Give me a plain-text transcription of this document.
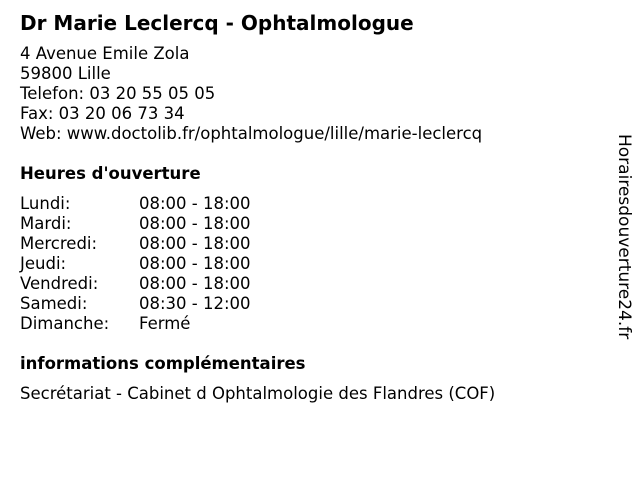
Dr Marie Leclercq - Ophtalmologue
4 Avenue Emile Zola
59800 Lille
Telefon: 03 20 55 05 05
Fax: 03 20 06 73 34
Web: www.doctolib.fr/ophtalmologue/lille/marie-leclercq
Heures d'ouverture
Lundi:	08:00 - 18:00
Mardi:	08:00 - 18:00
Mercredi:	08:00 - 18:00
Jeudi:	08:00 - 18:00
Vendredi:	08:00 - 18:00
Samedi:	08:30 - 12:00
Dimanche:	Fermé
informations complémentaires
Secrétariat - Cabinet d Ophtalmologie des Flandres (COF)
Horairesdouverture24.fr
